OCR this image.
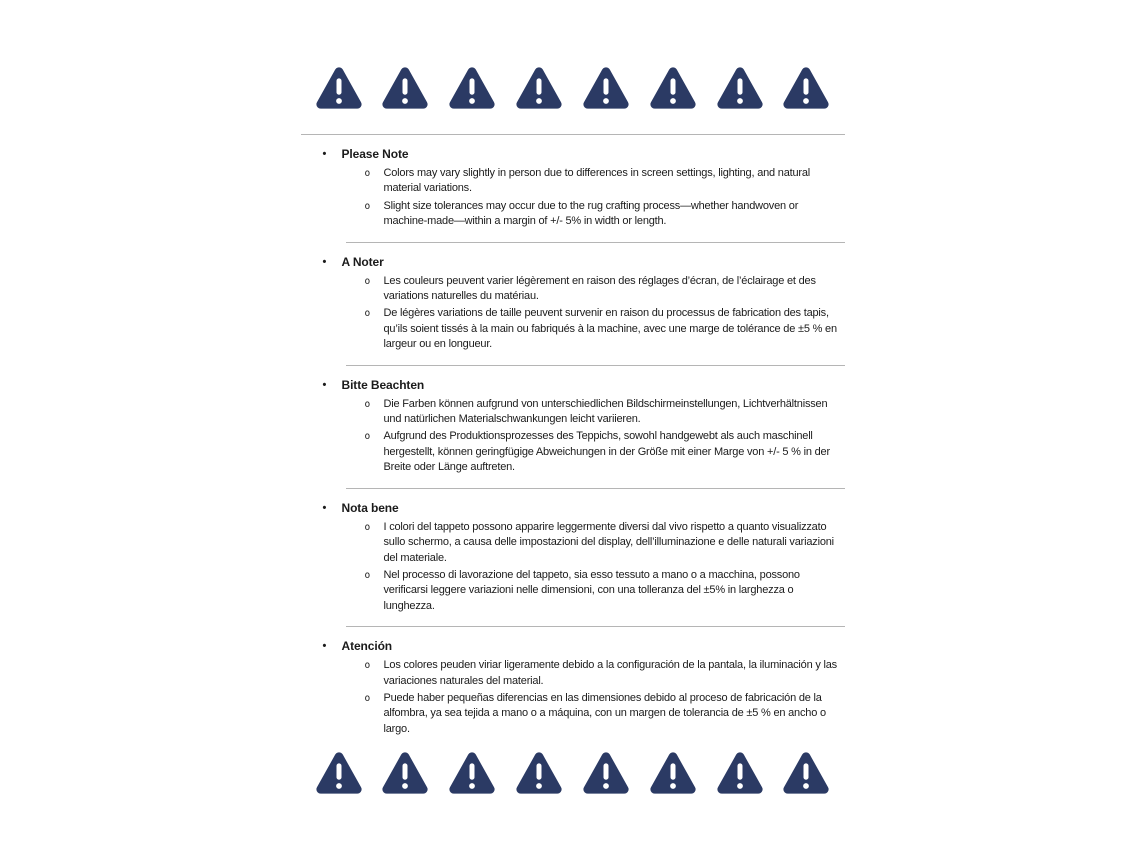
•	Please Note
o	Colors may vary slightly in person due to differences in screen settings, lighting, and natural material variations.

o	Slight size tolerances may occur due to the rug crafting process—whether handwoven or machine-made—within a margin of +/- 5% in width or length.

•	A Noter
o	Les couleurs peuvent varier légèrement en raison des réglages d’écran, de l’éclairage et des variations naturelles du matériau.

o	De légères variations de taille peuvent survenir en raison du processus de fabrication des tapis, qu’ils soient tissés à la main ou fabriqués à la machine, avec une marge de tolérance de ±5 % en largeur ou en longueur.

•	Bitte Beachten
o	Die Farben können aufgrund von unterschiedlichen Bildschirmeinstellungen, Lichtverhältnissen und natürlichen Materialschwankungen leicht variieren.

o	Aufgrund des Produktionsprozesses des Teppichs, sowohl handgewebt als auch maschinell hergestellt, können geringfügige Abweichungen in der Größe mit einer Marge von +/- 5 % in der Breite oder Länge auftreten.

•	Nota bene
o	I colori del tappeto possono apparire leggermente diversi dal vivo rispetto a quanto visualizzato sullo schermo, a causa delle impostazioni del display, dell’illuminazione e delle naturali variazioni del materiale.

o	Nel processo di lavorazione del tappeto, sia esso tessuto a mano o a macchina, possono verificarsi leggere variazioni nelle dimensioni, con una tolleranza del ±5% in larghezza o lunghezza.

•	Atención
o	Los colores peuden viriar ligeramente debido a la configuración de la pantala, la iluminación y las variaciones naturales del material.

o	Puede haber pequeñas diferencias en las dimensiones debido al proceso de fabricación de la alfombra, ya sea tejida a mano o a máquina, con un margen de tolerancia de ±5 % en ancho o largo.
